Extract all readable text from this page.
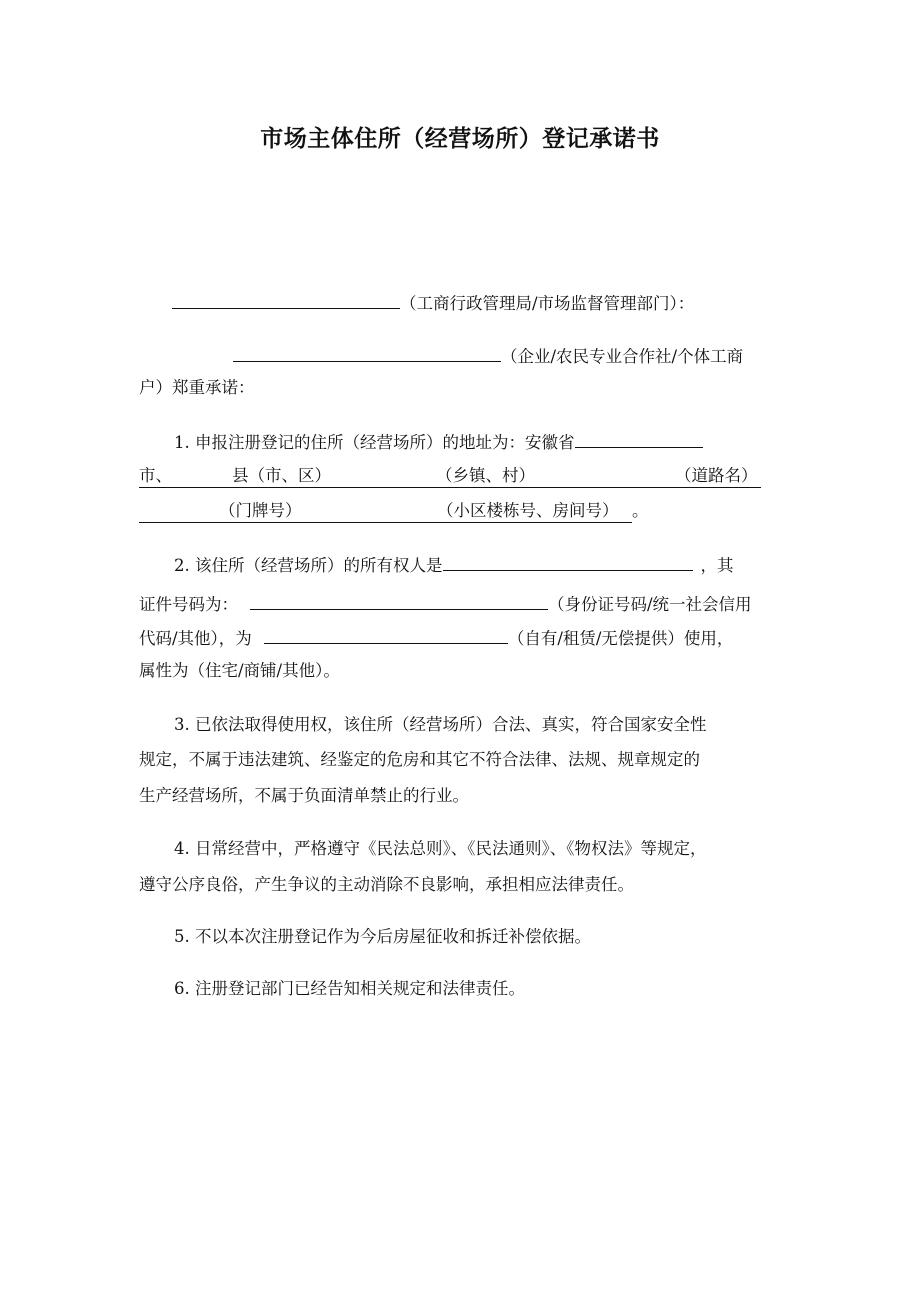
市场主体住所（经营场所）登记承诺书
（工商行政管理局/市场监督管理部门）：
（企业/农民专业合作社/个体工商
户）郑重承诺：
1. 申报注册登记的住所（经营场所）的地址为：安徽省
市、	县（市、区）	（乡镇、村）	（道路名）
（门牌号）	（小区楼栋号、房间号） 。
2. 该住所（经营场所）的所有权人是	，其
证件号码为：	（身份证号码/统一社会信用
代码/其他），为	（自有/租赁/无偿提供）使用，
属性为（住宅/商铺/其他）。
3. 已依法取得使用权，该住所（经营场所）合法、真实，符合国家安全性
规定，不属于违法建筑、经鉴定的危房和其它不符合法律、法规、规章规定的
生产经营场所，不属于负面清单禁止的行业。
4. 日常经营中，严格遵守《民法总则》、《民法通则》、《物权法》等规定，
遵守公序良俗，产生争议的主动消除不良影响，承担相应法律责任。
5. 不以本次注册登记作为今后房屋征收和拆迁补偿依据。
6. 注册登记部门已经告知相关规定和法律责任。
